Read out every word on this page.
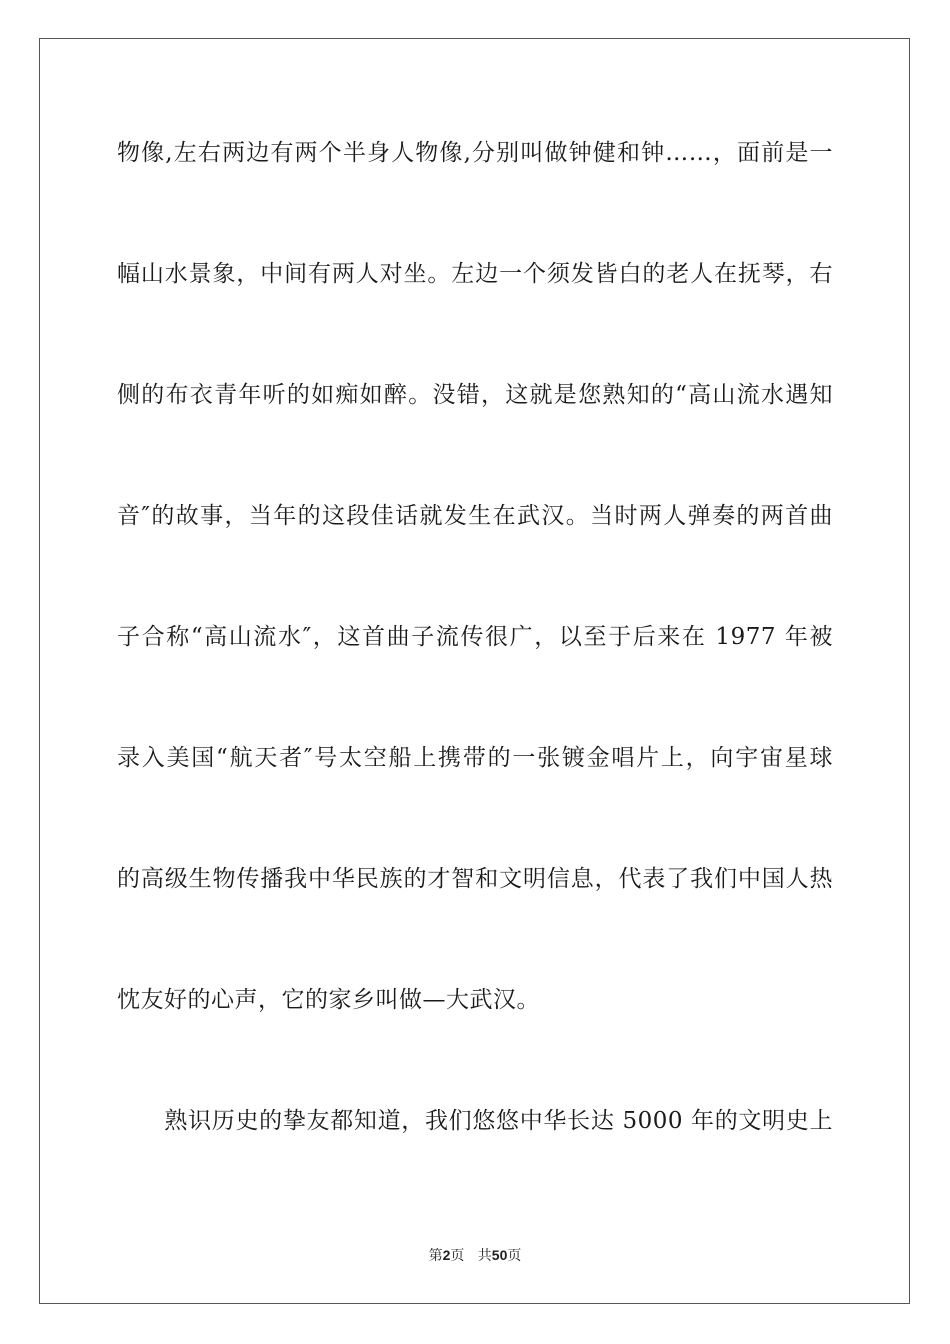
物像,左右两边有两个半身人物像,分别叫做钟健和钟……，面前是一
幅山水景象，中间有两人对坐。左边一个须发皆白的老人在抚琴，右
侧的布衣青年听的如痴如醉。没错，这就是您熟知的“高山流水遇知
音″的故事，当年的这段佳话就发生在武汉。当时两人弹奏的两首曲
子合称“高山流水″，这首曲子流传很广，以至于后来在 1977 年被
录入美国“航天者″号太空船上携带的一张镀金唱片上，向宇宙星球
的高级生物传播我中华民族的才智和文明信息，代表了我们中国人热
忱友好的心声，它的家乡叫做—大武汉。
　　熟识历史的挚友都知道，我们悠悠中华长达 5000 年的文明史上
第2页 共50页
